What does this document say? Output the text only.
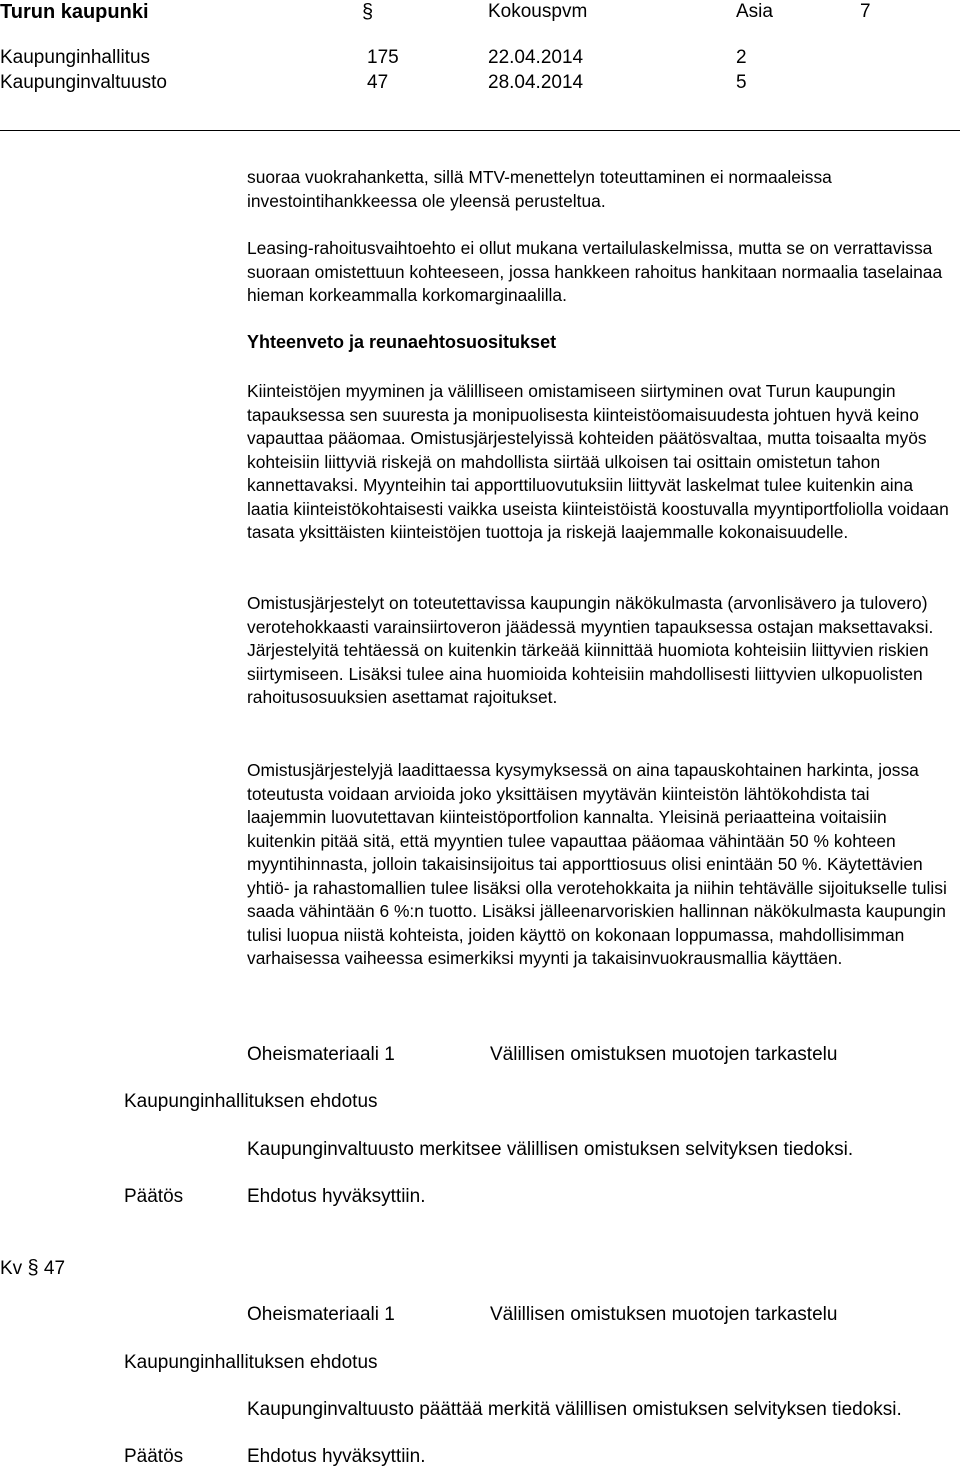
Turun kaupunki	§	Kokouspvm	Asia	7
Kaupunginhallitus	175	22.04.2014	2
Kaupunginvaltuusto	47	28.04.2014	5

suoraa vuokrahanketta, sillä MTV-menettelyn toteuttaminen ei normaaleissa investointihankkeessa ole yleensä perusteltua.

Leasing-rahoitusvaihtoehto ei ollut mukana vertailulaskelmissa, mutta se on verrattavissa suoraan omistettuun kohteeseen, jossa hankkeen rahoitus hankitaan normaalia taselainaa hieman korkeammalla korkomarginaalilla.

Yhteenveto ja reunaehtosuositukset

Kiinteistöjen myyminen ja välilliseen omistamiseen siirtyminen ovat Turun kaupungin tapauksessa sen suuresta ja monipuolisesta kiinteistöomaisuudesta johtuen hyvä keino vapauttaa pääomaa. Omistusjärjestelyissä kohteiden päätösvaltaa, mutta toisaalta myös kohteisiin liittyviä riskejä on mahdollista siirtää ulkoisen tai osittain omistetun tahon kannettavaksi. Myynteihin tai apporttiluovutuksiin liittyvät laskelmat tulee kuitenkin aina laatia kiinteistökohtaisesti vaikka useista kiinteistöistä koostuvalla myyntiportfoliolla voidaan tasata yksittäisten kiinteistöjen tuottoja ja riskejä laajemmalle kokonaisuudelle.

Omistusjärjestelyt on toteutettavissa kaupungin näkökulmasta (arvonlisävero ja tulovero) verotehokkaasti varainsiirtoveron jäädessä myyntien tapauksessa ostajan maksettavaksi. Järjestelyitä tehtäessä on kuitenkin tärkeää kiinnittää huomiota kohteisiin liittyvien riskien siirtymiseen. Lisäksi tulee aina huomioida kohteisiin mahdollisesti liittyvien ulkopuolisten rahoitusosuuksien asettamat rajoitukset.

Omistusjärjestelyjä laadittaessa kysymyksessä on aina tapauskohtainen harkinta, jossa toteutusta voidaan arvioida joko yksittäisen myytävän kiinteistön lähtökohdista tai laajemmin luovutettavan kiinteistöportfolion kannalta. Yleisinä periaatteina voitaisiin kuitenkin pitää sitä, että myyntien tulee vapauttaa pääomaa vähintään 50 % kohteen myyntihinnasta, jolloin takaisinsijoitus tai apporttiosuus olisi enintään 50 %. Käytettävien yhtiö- ja rahastomallien tulee lisäksi olla verotehokkaita ja niihin tehtävälle sijoitukselle tulisi saada vähintään 6 %:n tuotto. Lisäksi jälleenarvoriskien hallinnan näkökulmasta kaupungin tulisi luopua niistä kohteista, joiden käyttö on kokonaan loppumassa, mahdollisimman varhaisessa vaiheessa esimerkiksi myynti ja takaisinvuokrausmallia käyttäen.

Oheismateriaali 1	Välillisen omistuksen muotojen tarkastelu
Kaupunginhallituksen ehdotus
Kaupunginvaltuusto merkitsee välillisen omistuksen selvityksen tiedoksi.
Päätös	Ehdotus hyväksyttiin.
Kv § 47
Oheismateriaali 1	Välillisen omistuksen muotojen tarkastelu
Kaupunginhallituksen ehdotus
Kaupunginvaltuusto päättää merkitä välillisen omistuksen selvityksen tiedoksi.
Päätös	Ehdotus hyväksyttiin.
